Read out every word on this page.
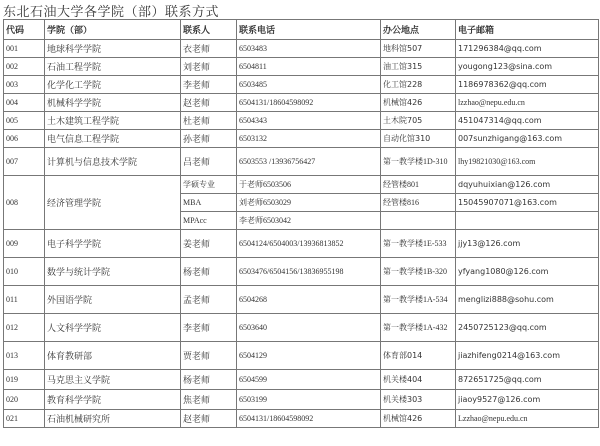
东北石油大学各学院（部）联系方式
代码	学院（部）	联系人	联系电话	办公地点	电子邮箱
001	地球科学学院	衣老师	6503483	地科馆507	171296384@qq.com
002	石油工程学院	刘老师	6504811	油工馆315	yougong123@sina.com
003	化学化工学院	李老师	6503485	化工馆228	1186978362@qq.com
004	机械科学学院	赵老师	6504131/18604598092	机械馆426	lzzhao@nepu.edu.cn
005	土木建筑工程学院	杜老师	6504343	土木院705	451047314@qq.com
006	电气信息工程学院	孙老师	6503132	自动化馆310	007sunzhigang@163.com
007	计算机与信息技术学院	吕老师	6503553 /13936756427	第一教学楼1D-310	lhy19821030@163.com
008	经济管理学院	学硕专业	于老师6503506	经管楼801	dqyuhuixian@126.com
		MBA	刘老师6503029	经管楼816	15045907071@163.com
		MPAcc	李老师6503042		
009	电子科学学院	姜老师	6504124/6504003/13936813852	第一教学楼1E-533	jjy13@126.com
010	数学与统计学院	杨老师	6503476/6504156/13836955198	第一教学楼1B-320	yfyang1080@126.com
011	外国语学院	孟老师	6504268	第一教学楼1A-534	menglizi888@sohu.com
012	人文科学学院	李老师	6503640	第一教学楼1A-432	2450725123@qq.com
013	体育教研部	贾老师	6504129	体育部014	jiazhifeng0214@163.com
019	马克思主义学院	杨老师	6504599	机关楼404	872651725@qq.com
020	教育科学学院	焦老师	6503199	机关楼303	jiaoy9527@126.com
021	石油机械研究所	赵老师	6504131/18604598092	机械馆426	Lzzhao@nepu.edu.cn
